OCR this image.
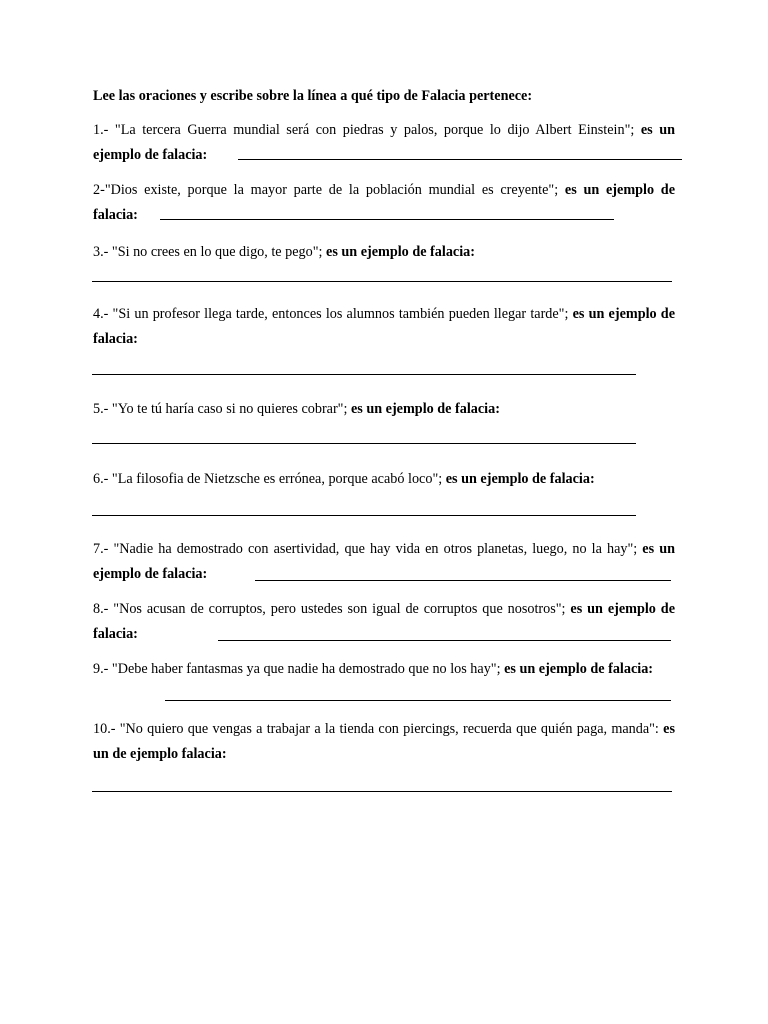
Lee las oraciones y escribe sobre la línea a qué tipo de Falacia pertenece:
1.- "La tercera Guerra mundial será con piedras y palos, porque lo dijo Albert Einstein"; es un ejemplo de falacia:
2-"Dios existe, porque la mayor parte de la población mundial es creyente"; es un ejemplo de falacia:
3.- "Si no crees en lo que digo, te pego"; es un ejemplo de falacia:
4.- "Si un profesor llega tarde, entonces los alumnos también pueden llegar tarde"; es un ejemplo de falacia:
5.- "Yo te tú haría caso si no quieres cobrar"; es un ejemplo de falacia:
6.- "La filosofia de Nietzsche es errónea, porque acabó loco"; es un ejemplo de falacia:
7.- "Nadie ha demostrado con asertividad, que hay vida en otros planetas, luego, no la hay"; es un ejemplo de falacia:
8.- "Nos acusan de corruptos, pero ustedes son igual de corruptos que nosotros"; es un ejemplo de falacia:
9.- "Debe haber fantasmas ya que nadie ha demostrado que no los hay"; es un ejemplo de falacia:
10.- "No quiero que vengas a trabajar a la tienda con piercings, recuerda que quién paga, manda": es un de ejemplo falacia:
